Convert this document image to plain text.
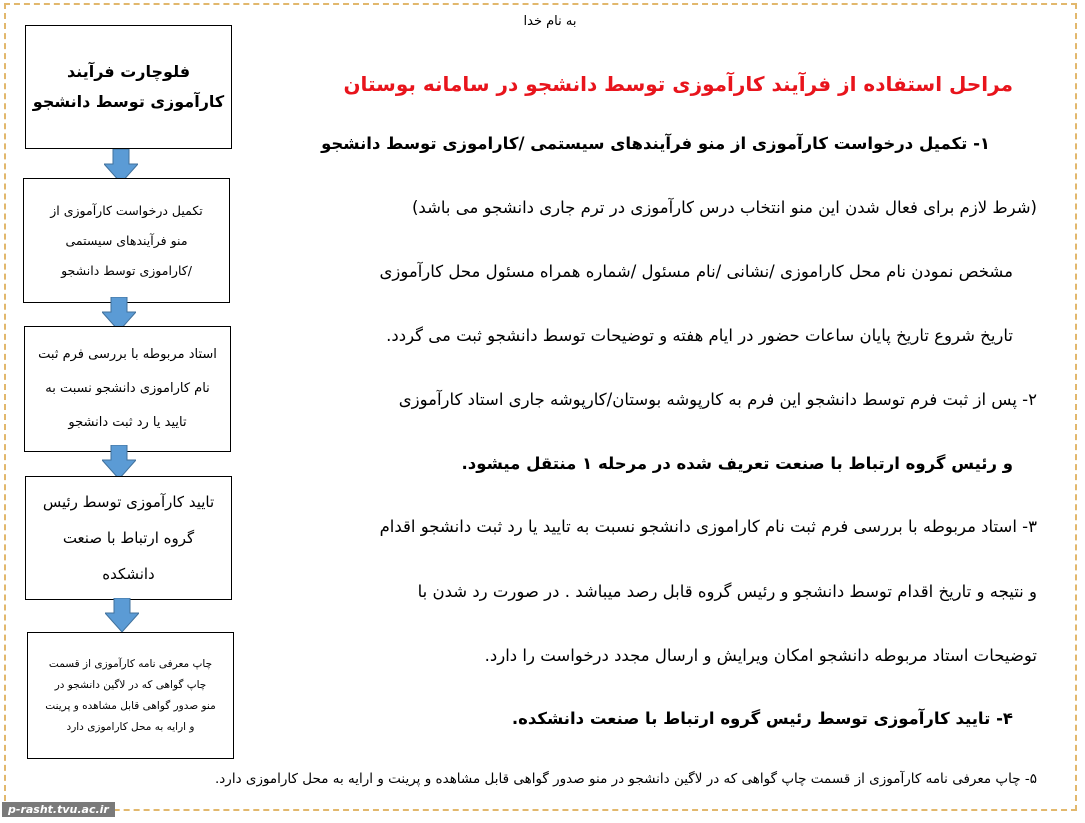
به نام خدا
مراحل استفاده از فرآیند کارآموزی توسط دانشجو در سامانه بوستان
۱- تکمیل درخواست کارآموزی از منو فرآیندهای سیستمی /کاراموزی توسط دانشجو
(شرط لازم برای فعال شدن این منو انتخاب درس کارآموزی در ترم جاری دانشجو می باشد)
مشخص نمودن نام محل کاراموزی /نشانی /نام مسئول /شماره همراه مسئول محل کارآموزی
تاریخ شروع تاریخ پایان ساعات حضور در ایام هفته و توضیحات توسط دانشجو ثبت می گردد.
۲- پس از ثبت فرم توسط دانشجو این فرم به کارپوشه بوستان/کارپوشه جاری استاد کارآموزی
و رئیس گروه ارتباط با صنعت تعریف شده در مرحله ۱ منتقل میشود.
۳- استاد مربوطه با بررسی فرم ثبت نام کاراموزی دانشجو نسبت به تایید یا رد ثبت دانشجو اقدام
و نتیجه و تاریخ اقدام توسط دانشجو و رئیس گروه قابل رصد میباشد . در صورت رد شدن با
توضیحات استاد مربوطه دانشجو امکان ویرایش و ارسال مجدد درخواست را دارد.
۴- تایید کارآموزی توسط رئیس گروه ارتباط با صنعت دانشکده.
۵- چاپ معرفی نامه کارآموزی از قسمت چاپ گواهی که در لاگین دانشجو در منو صدور گواهی قابل مشاهده و پرینت و ارایه به محل کاراموزی دارد.
فلوچارت فرآیند
کارآموزی توسط دانشجو
تکمیل درخواست کارآموزی از
منو فرآیندهای سیستمی
/کاراموزی توسط دانشجو
استاد مربوطه با بررسی فرم ثبت
نام کاراموزی دانشجو نسبت به
تایید یا رد ثبت دانشجو
تایید کارآموزی توسط رئیس
گروه ارتباط با صنعت
دانشکده
چاپ معرفی نامه کارآموزی از قسمت
چاپ گواهی که در لاگین دانشجو در
منو صدور گواهی قابل مشاهده و پرینت
و ارایه به محل کاراموزی دارد
p-rasht.tvu.ac.ir
